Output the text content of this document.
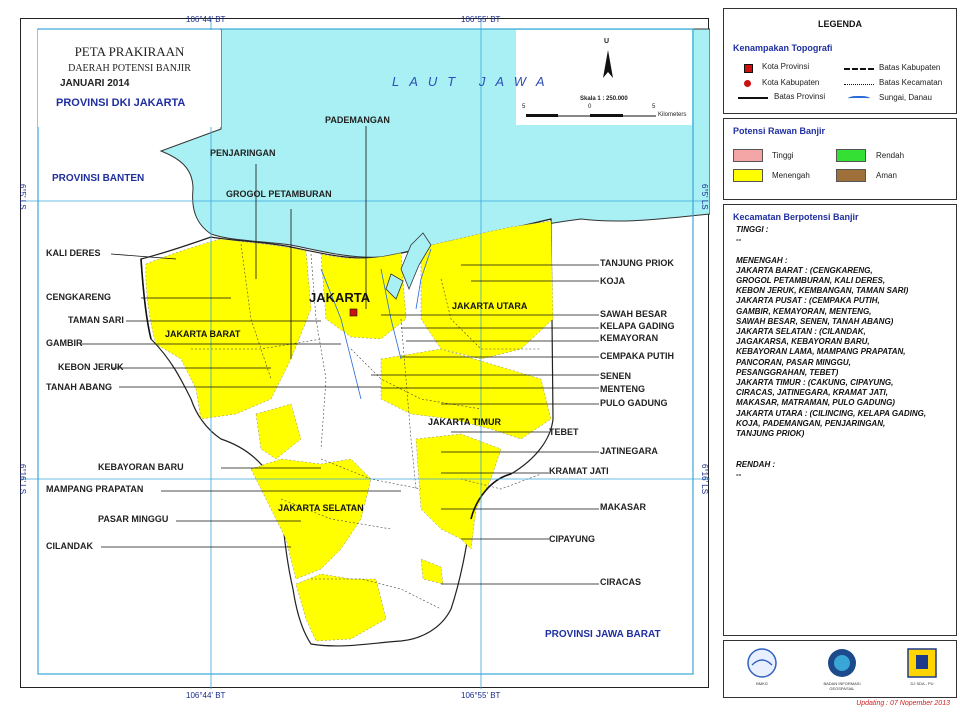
106°44' BT	106°55' BT
106°44' BT	106°55' BT
6°5' LS
6°16' LS
6°5' LS
6°16' LS
PETA PRAKIRAAN
DAERAH POTENSI BANJIR
JANUARI 2014
PROVINSI DKI JAKARTA
U
Skala 1 : 250.000
5	0	5
Kilometers
LAUT JAWA
PROVINSI BANTEN
PROVINSI JAWA BARAT
JAKARTA
JAKARTA BARAT
JAKARTA UTARA
JAKARTA TIMUR
JAKARTA SELATAN
KALI DERES
CENGKARENG
TAMAN SARI
GAMBIR
KEBON JERUK
TANAH ABANG
KEBAYORAN BARU
MAMPANG PRAPATAN
PASAR MINGGU
CILANDAK
PADEMANGAN
PENJARINGAN
GROGOL PETAMBURAN
TANJUNG PRIOK
KOJA
SAWAH BESAR
KELAPA GADING
KEMAYORAN
CEMPAKA PUTIH
SENEN
MENTENG
PULO GADUNG
TEBET
JATINEGARA
KRAMAT JATI
MAKASAR
CIPAYUNG
CIRACAS
LEGENDA
Kenampakan Topografi
Kota Provinsi
Kota Kabupaten
Batas Provinsi
Batas Kabupaten
Batas Kecamatan
Sungai, Danau
Potensi Rawan Banjir
Tinggi
Menengah
Rendah
Aman
Kecamatan Berpotensi Banjir
TINGGI :
--

MENENGAH :
JAKARTA BARAT : (CENGKARENG,
GROGOL PETAMBURAN, KALI DERES,
KEBON JERUK, KEMBANGAN, TAMAN SARI)
JAKARTA PUSAT : (CEMPAKA PUTIH,
GAMBIR, KEMAYORAN, MENTENG,
SAWAH BESAR, SENEN, TANAH ABANG)
JAKARTA SELATAN : (CILANDAK,
JAGAKARSA, KEBAYORAN BARU,
KEBAYORAN LAMA, MAMPANG PRAPATAN,
PANCORAN, PASAR MINGGU,
PESANGGRAHAN, TEBET)
JAKARTA TIMUR : (CAKUNG, CIPAYUNG,
CIRACAS, JATINEGARA, KRAMAT JATI,
MAKASAR, MATRAMAN, PULO GADUNG)
JAKARTA UTARA : (CILINCING, KELAPA GADING,
KOJA, PADEMANGAN, PENJARINGAN,
TANJUNG PRIOK)

RENDAH :
--
BMKG	BADAN INFORMASI GEOSPASIAL
DJ SDA - PU
Updating : 07 Nopember 2013
